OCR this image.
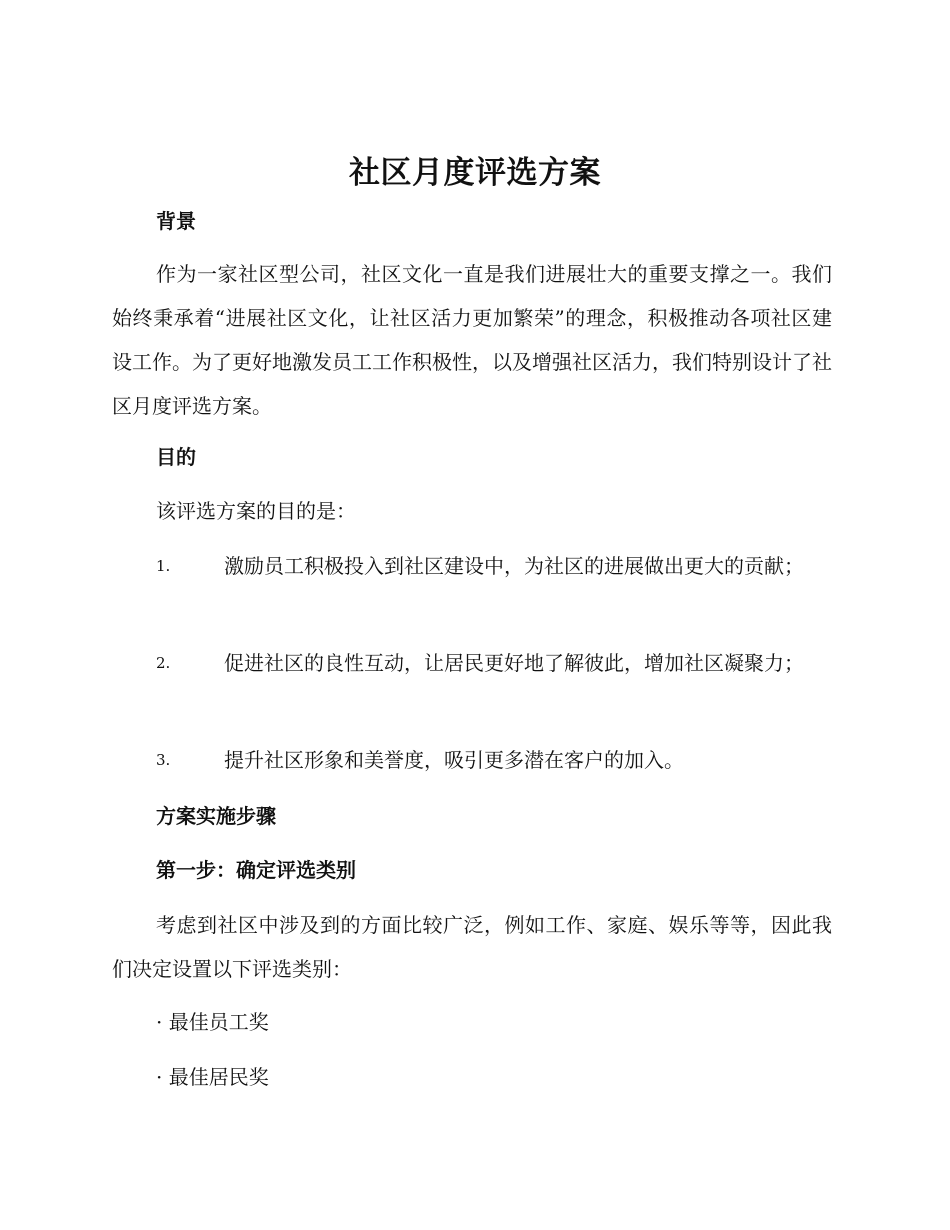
社区月度评选方案
背景
作为一家社区型公司，社区文化一直是我们进展壮大的重要支撑之一。我们始终秉承着“进展社区文化，让社区活力更加繁荣”的理念，积极推动各项社区建设工作。为了更好地激发员工工作积极性，以及增强社区活力，我们特别设计了社区月度评选方案。
目的
该评选方案的目的是：
1.	激励员工积极投入到社区建设中，为社区的进展做出更大的贡献；
2.	促进社区的良性互动，让居民更好地了解彼此，增加社区凝聚力；
3.	提升社区形象和美誉度，吸引更多潜在客户的加入。
方案实施步骤
第一步：确定评选类别
考虑到社区中涉及到的方面比较广泛，例如工作、家庭、娱乐等等，因此我们决定设置以下评选类别：
· 最佳员工奖
· 最佳居民奖
